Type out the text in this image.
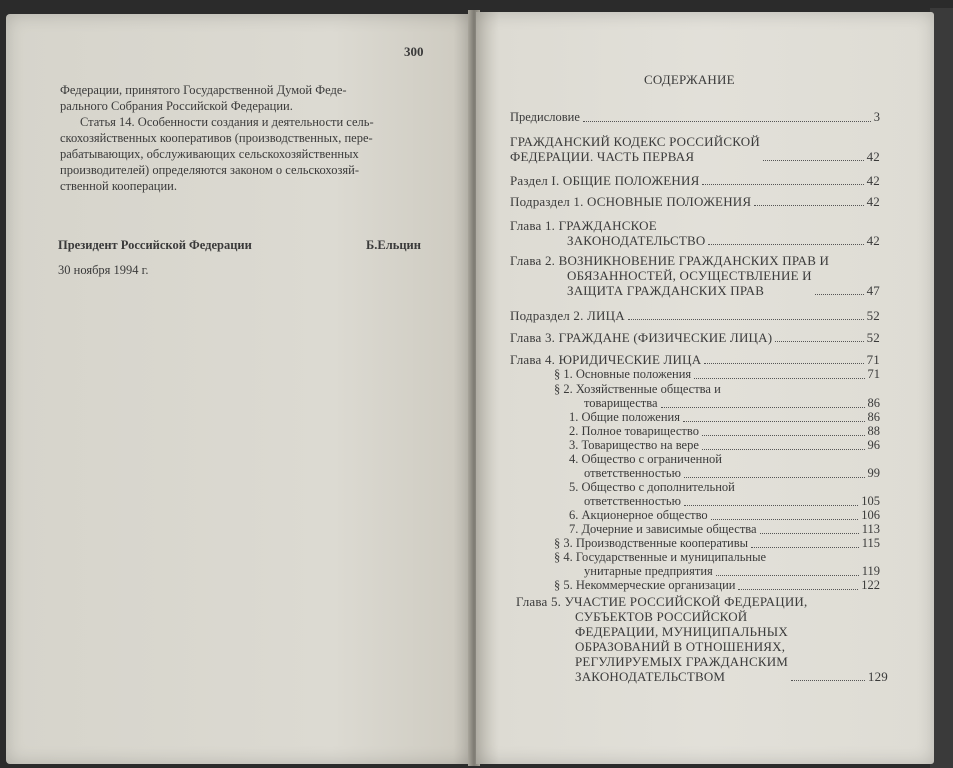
300
Федерации, принятого Государственной Думой Феде-
рального Собрания Российской Федерации.
Статья 14. Особенности создания и деятельности сель-
скохозяйственных кооперативов (производственных, пере-
рабатывающих, обслуживающих сельскохозяйственных
производителей) определяются законом о сельскохозяй-
ственной кооперации.
Президент Российской Федерации	Б.Ельцин
30 ноября 1994 г.
СОДЕРЖАНИЕ
Предисловие	3
ГРАЖДАНСКИЙ КОДЕКС РОССИЙСКОЙ
ФЕДЕРАЦИИ. ЧАСТЬ ПЕРВАЯ	42
Раздел I. ОБЩИЕ ПОЛОЖЕНИЯ	42
Подраздел 1. ОСНОВНЫЕ ПОЛОЖЕНИЯ	42
Глава 1. ГРАЖДАНСКОЕ
ЗАКОНОДАТЕЛЬСТВО	42
Глава 2. ВОЗНИКНОВЕНИЕ ГРАЖДАНСКИХ ПРАВ И
ОБЯЗАННОСТЕЙ, ОСУЩЕСТВЛЕНИЕ И
ЗАЩИТА ГРАЖДАНСКИХ ПРАВ	47
Подраздел 2. ЛИЦА	52
Глава 3. ГРАЖДАНЕ (ФИЗИЧЕСКИЕ ЛИЦА)	52
Глава 4. ЮРИДИЧЕСКИЕ ЛИЦА	71
§ 1. Основные положения	71
§ 2. Хозяйственные общества и
товарищества	86
1. Общие положения	86
2. Полное товарищество	88
3. Товарищество на вере	96
4. Общество с ограниченной
ответственностью	99
5. Общество с дополнительной
ответственностью	105
6. Акционерное общество	106
7. Дочерние и зависимые общества	113
§ 3. Производственные кооперативы	115
§ 4. Государственные и муниципальные
унитарные предприятия	119
§ 5. Некоммерческие организации	122
Глава 5. УЧАСТИЕ РОССИЙСКОЙ ФЕДЕРАЦИИ,
СУБЪЕКТОВ РОССИЙСКОЙ
ФЕДЕРАЦИИ, МУНИЦИПАЛЬНЫХ
ОБРАЗОВАНИЙ В ОТНОШЕНИЯХ,
РЕГУЛИРУЕМЫХ ГРАЖДАНСКИМ
ЗАКОНОДАТЕЛЬСТВОМ	129
